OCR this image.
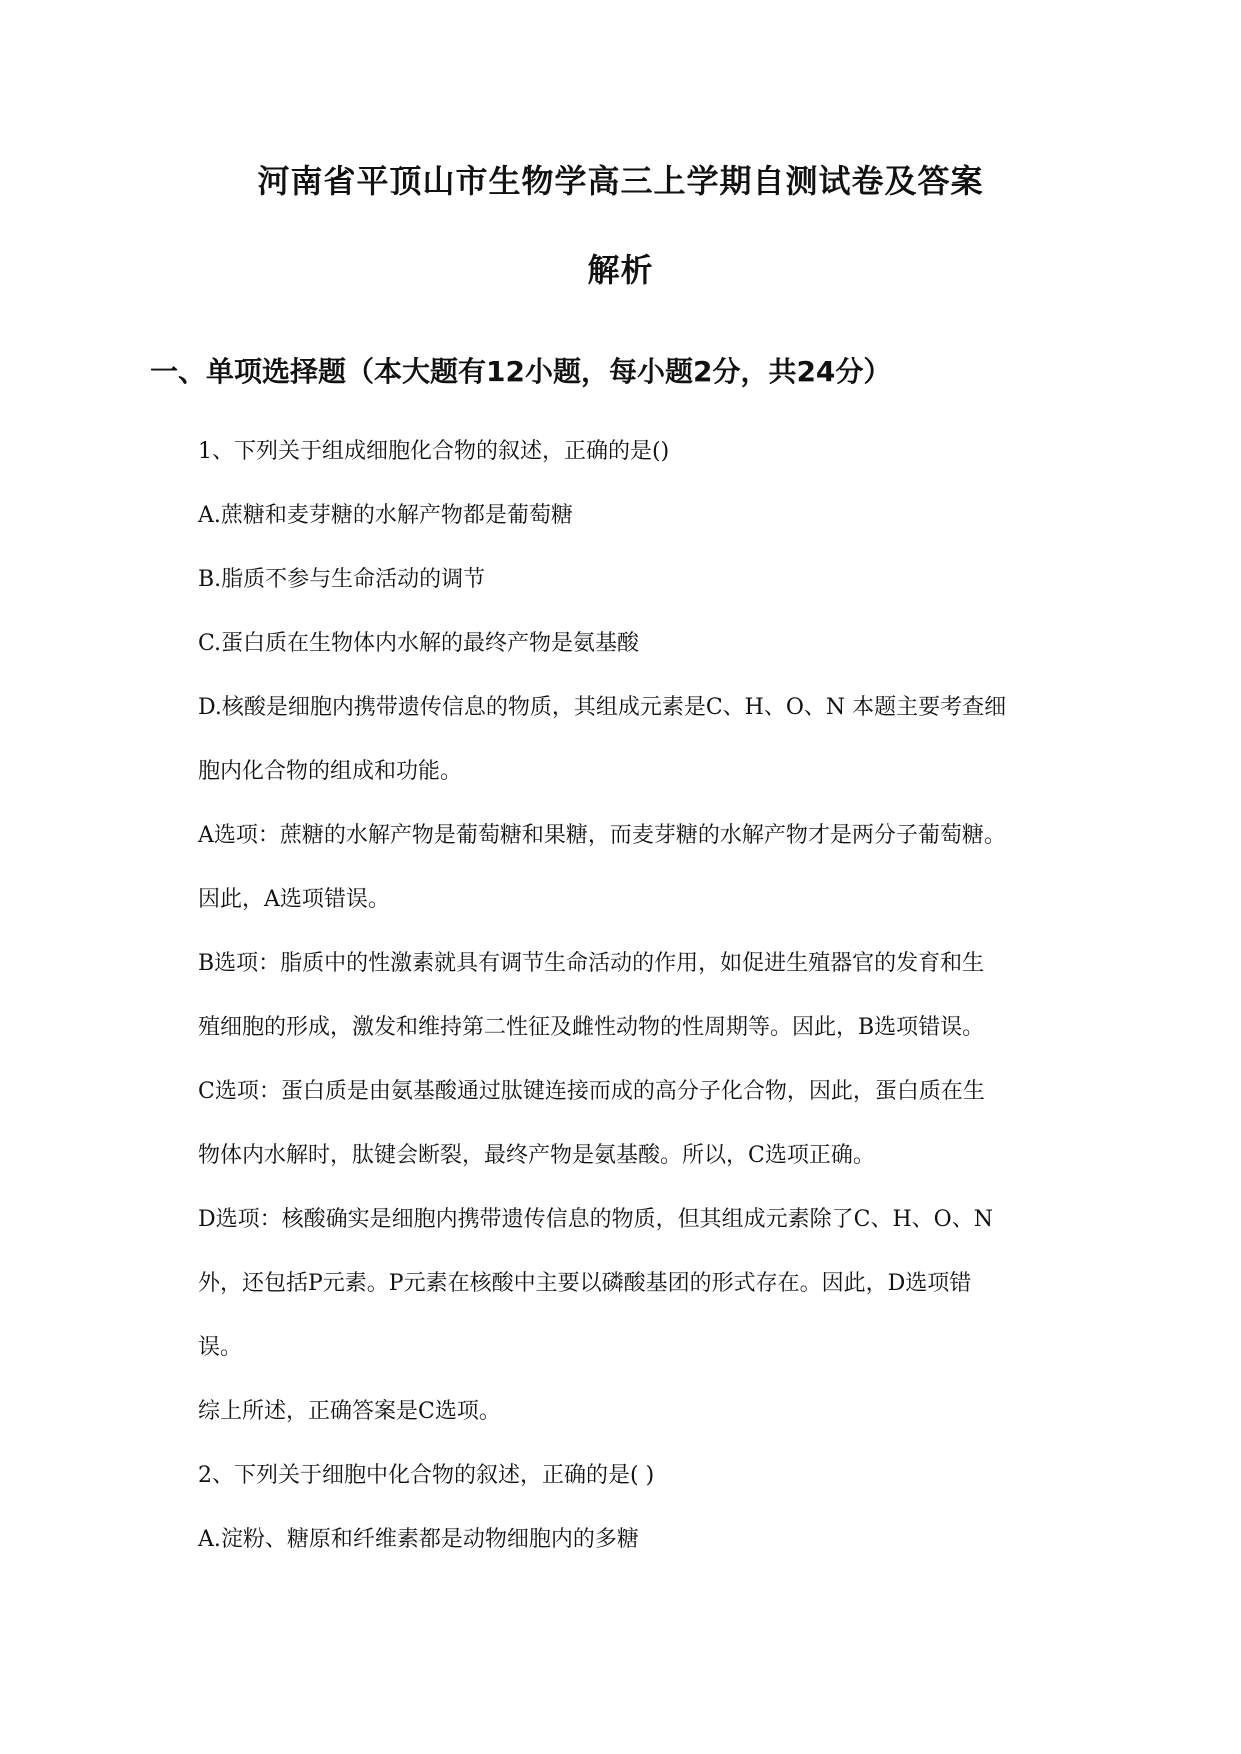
河南省平顶山市生物学高三上学期自测试卷及答案
解析
一、单项选择题（本大题有12小题，每小题2分，共24分）

1、下列关于组成细胞化合物的叙述，正确的是()

A.蔗糖和麦芽糖的水解产物都是葡萄糖

B.脂质不参与生命活动的调节

C.蛋白质在生物体内水解的最终产物是氨基酸

D.核酸是细胞内携带遗传信息的物质，其组成元素是C、H、O、N 本题主要考查细

胞内化合物的组成和功能。

A选项：蔗糖的水解产物是葡萄糖和果糖，而麦芽糖的水解产物才是两分子葡萄糖。

因此，A选项错误。

B选项：脂质中的性激素就具有调节生命活动的作用，如促进生殖器官的发育和生

殖细胞的形成，激发和维持第二性征及雌性动物的性周期等。因此，B选项错误。

C选项：蛋白质是由氨基酸通过肽键连接而成的高分子化合物，因此，蛋白质在生

物体内水解时，肽键会断裂，最终产物是氨基酸。所以，C选项正确。

D选项：核酸确实是细胞内携带遗传信息的物质，但其组成元素除了C、H、O、N

外，还包括P元素。P元素在核酸中主要以磷酸基团的形式存在。因此，D选项错

误。

综上所述，正确答案是C选项。

2、下列关于细胞中化合物的叙述，正确的是( )

A.淀粉、糖原和纤维素都是动物细胞内的多糖
